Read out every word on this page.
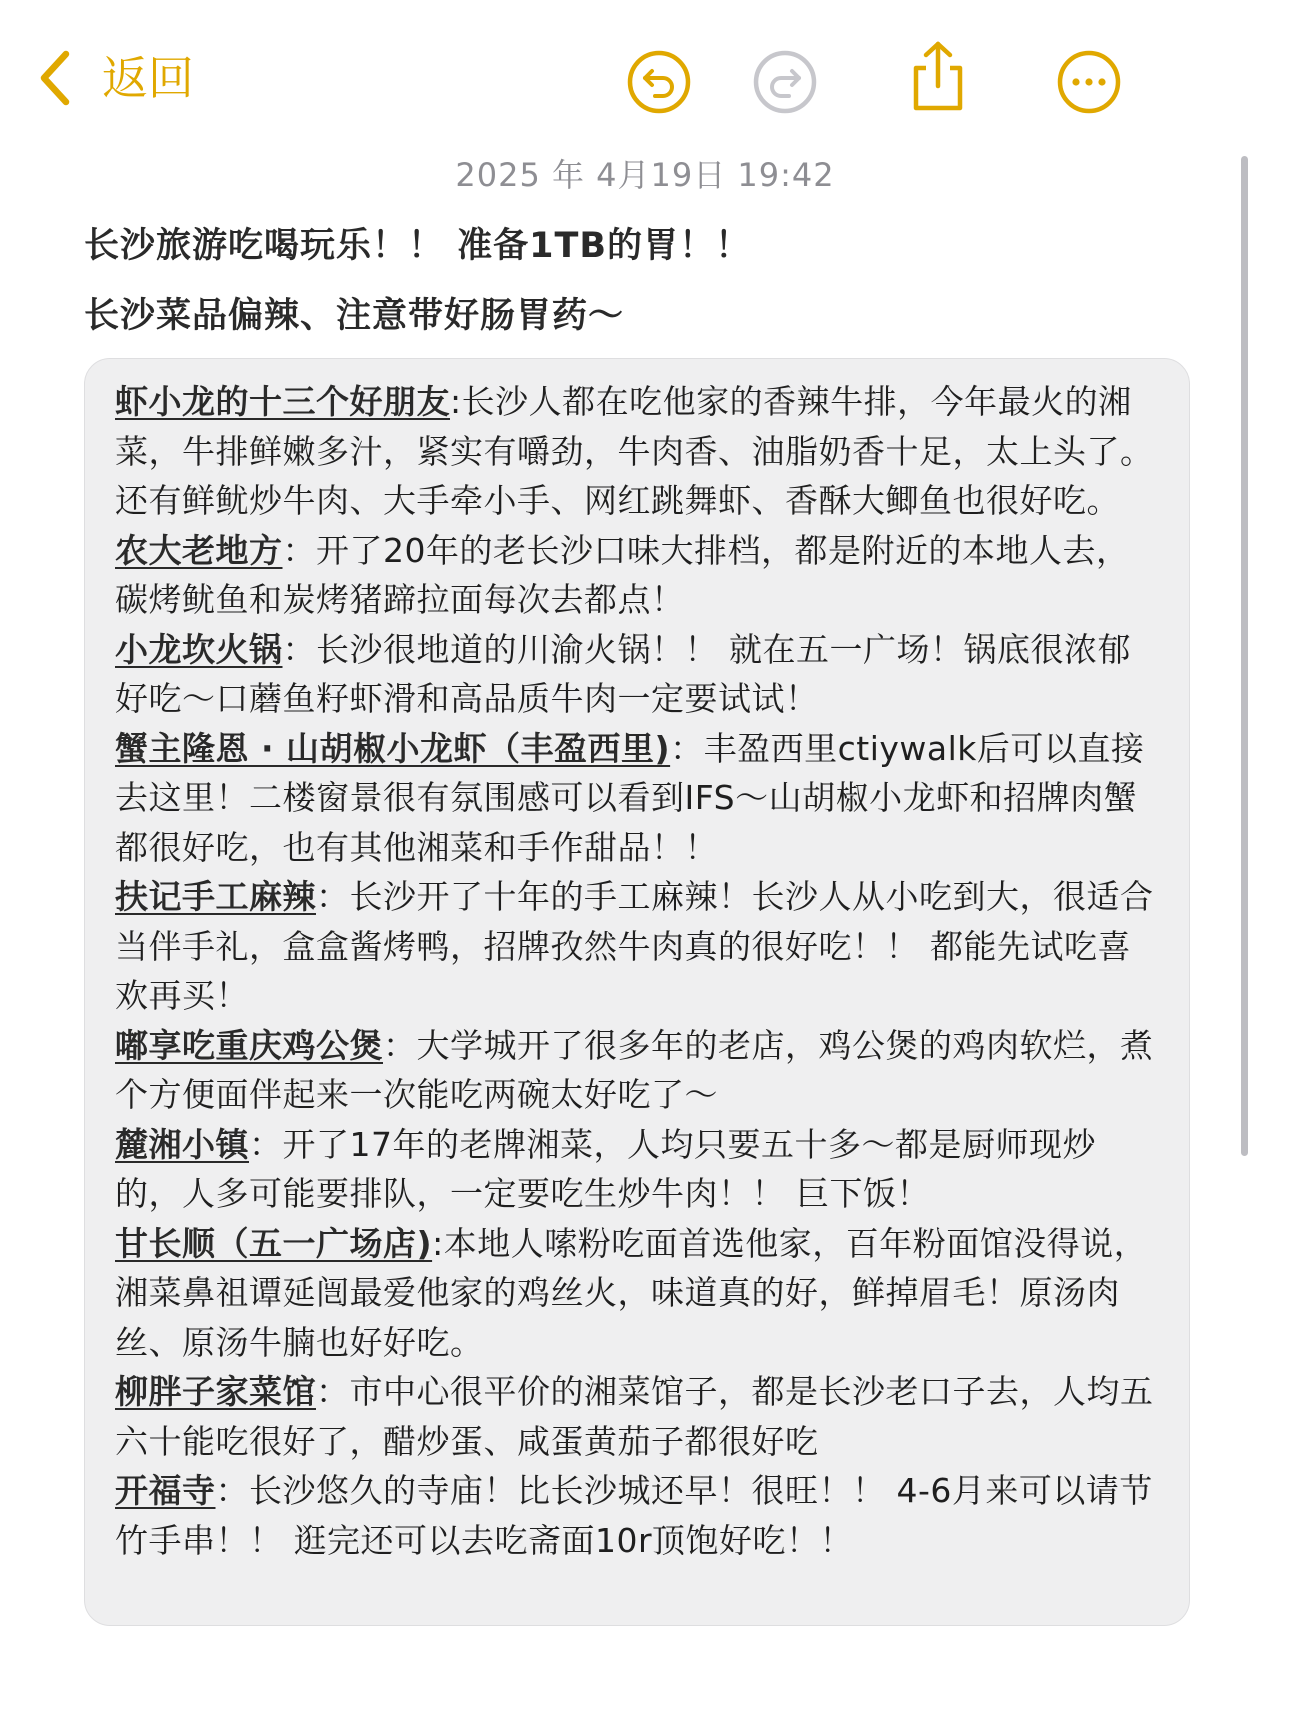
返回
2025 年 4月19日 19:42
长沙旅游吃喝玩乐！！ 准备1TB的胃！！
长沙菜品偏辣、注意带好肠胃药～
虾小龙的十三个好朋友:长沙人都在吃他家的香辣牛排，今年最火的湘菜，牛排鲜嫩多汁，紧实有嚼劲，牛肉香、油脂奶香十足，太上头了。还有鲜鱿炒牛肉、大手牵小手、网红跳舞虾、香酥大鲫鱼也很好吃。
农大老地方：开了20年的老长沙口味大排档，都是附近的本地人去，碳烤鱿鱼和炭烤猪蹄拉面每次去都点！
小龙坎火锅：长沙很地道的川渝火锅！！ 就在五一广场！锅底很浓郁好吃～口蘑鱼籽虾滑和高品质牛肉一定要试试！
蟹主隆恩 · 山胡椒小龙虾（丰盈西里)：丰盈西里ctiywalk后可以直接去这里！二楼窗景很有氛围感可以看到IFS～山胡椒小龙虾和招牌肉蟹都很好吃，也有其他湘菜和手作甜品！！
扶记手工麻辣：长沙开了十年的手工麻辣！长沙人从小吃到大，很适合当伴手礼，盒盒酱烤鸭，招牌孜然牛肉真的很好吃！！ 都能先试吃喜欢再买！
嘟享吃重庆鸡公煲：大学城开了很多年的老店，鸡公煲的鸡肉软烂，煮个方便面伴起来一次能吃两碗太好吃了～
麓湘小镇：开了17年的老牌湘菜，人均只要五十多～都是厨师现炒的，人多可能要排队，一定要吃生炒牛肉！！ 巨下饭！
甘长顺（五一广场店):本地人嗦粉吃面首选他家，百年粉面馆没得说，湘菜鼻祖谭延闿最爱他家的鸡丝火，味道真的好，鲜掉眉毛！原汤肉丝、原汤牛腩也好好吃。
柳胖子家菜馆：市中心很平价的湘菜馆子，都是长沙老口子去，人均五六十能吃很好了，醋炒蛋、咸蛋黄茄子都很好吃
开福寺：长沙悠久的寺庙！比长沙城还早！很旺！！ 4-6月来可以请节竹手串！！ 逛完还可以去吃斋面10r顶饱好吃！！
